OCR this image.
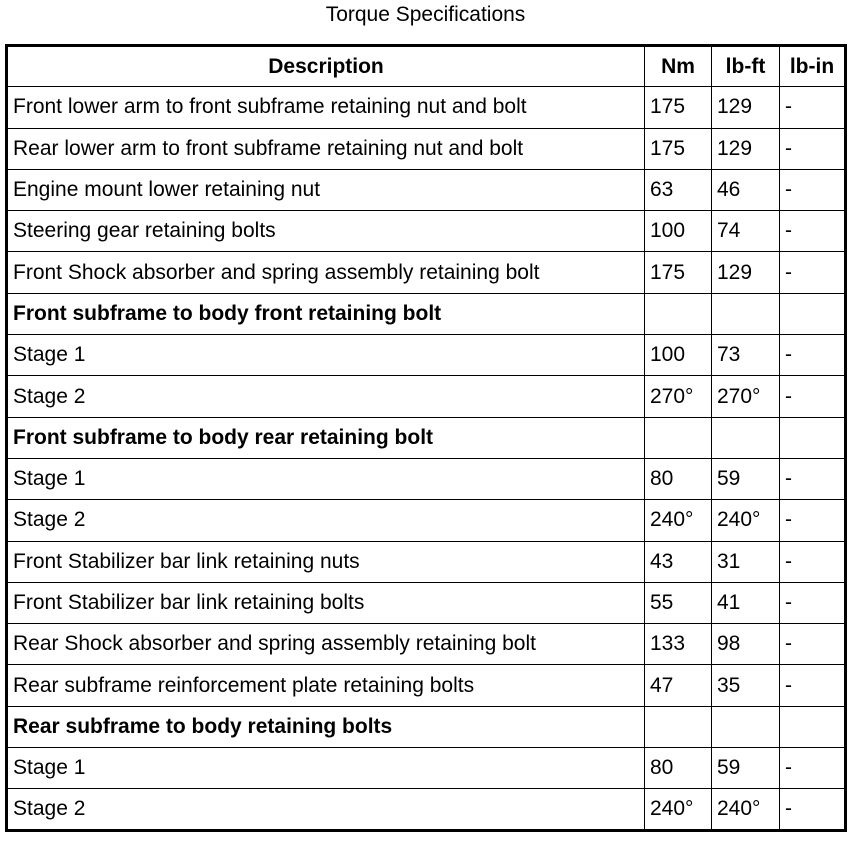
Torque Specifications
Description	Nm	lb-ft	lb-in
Front lower arm to front subframe retaining nut and bolt	175	129	-
Rear lower arm to front subframe retaining nut and bolt	175	129	-
Engine mount lower retaining nut	63	46	-
Steering gear retaining bolts	100	74	-
Front Shock absorber and spring assembly retaining bolt	175	129	-
Front subframe to body front retaining bolt			
Stage 1	100	73	-
Stage 2	270°	270°	-
Front subframe to body rear retaining bolt			
Stage 1	80	59	-
Stage 2	240°	240°	-
Front Stabilizer bar link retaining nuts	43	31	-
Front Stabilizer bar link retaining bolts	55	41	-
Rear Shock absorber and spring assembly retaining bolt	133	98	-
Rear subframe reinforcement plate retaining bolts	47	35	-
Rear subframe to body retaining bolts			
Stage 1	80	59	-
Stage 2	240°	240°	-
